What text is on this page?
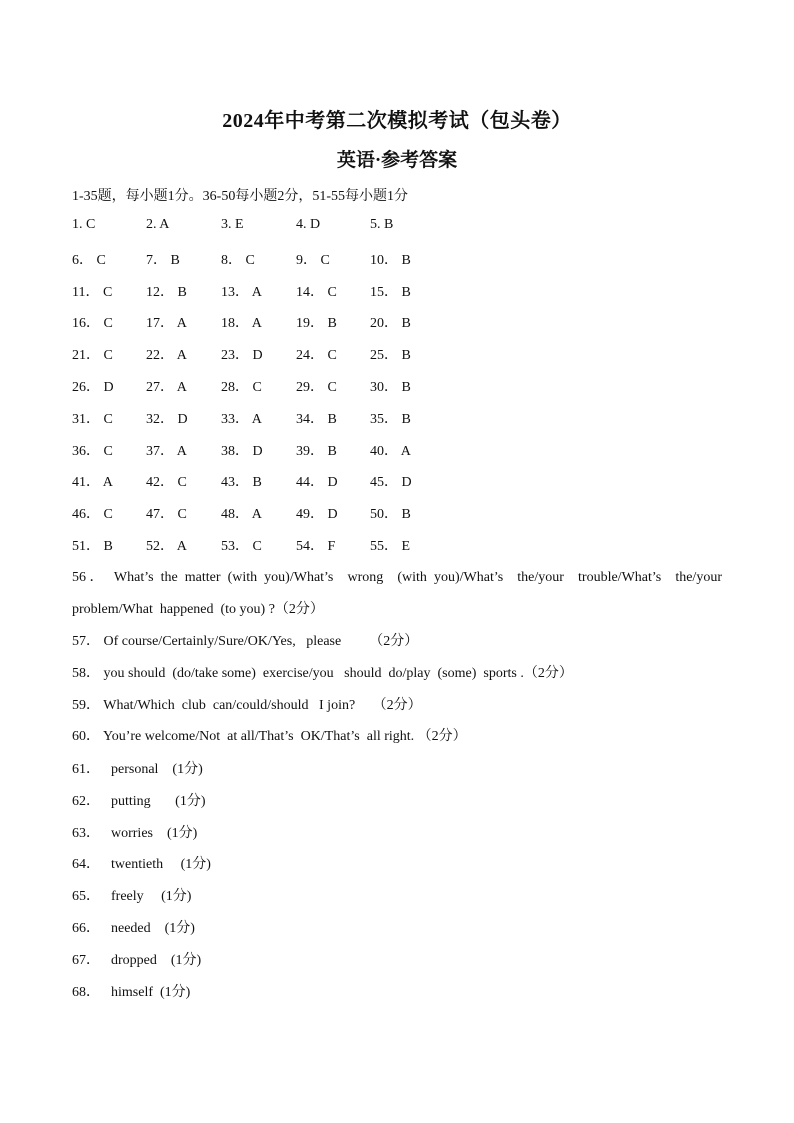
2024年中考第二次模拟考试（包头卷）
英语·参考答案
1-35题，每小题1分。36-50每小题2分，51-55每小题1分
1. C	2. A	3. E	4. D	5. B
6． C	7． B	8． C	9． C	10． B
11． C 12． B 13． A 14． C 15． B
16． C 17． A 18． A 19． B 20． B
21． C 22． A 23． D 24． C 25． B
26． D 27． A 28． C 29． C 30． B
31． C 32． D 33． A 34． B 35． B
36． C 37． A 38． D 39． B 40． A
41． A 42． C 43． B 44． D 45． D
46． C 47． C 48． A 49． D 50． B
51． B 52． A 53． C 54． F 55． E
56． What’s the matter (with you)/What’s  wrong  (with you)/What’s  the/your  trouble/What’s  the/your
problem/What  happened  (to you) ?（2分）
57． Of course/Certainly/Sure/OK/Yes,   please        （2分）
58． you should  (do/take some)  exercise/you   should  do/play  (some)  sports .（2分）
59． What/Which  club  can/could/should   I join?     （2分）
60． You’re welcome/Not  at all/That’s  OK/That’s  all right. （2分）
61． personal    (1分)
62． putting       (1分)
63． worries    (1分)
64． twentieth     (1分)
65． freely     (1分)
66． needed    (1分)
67． dropped    (1分)
68． himself  (1分)
